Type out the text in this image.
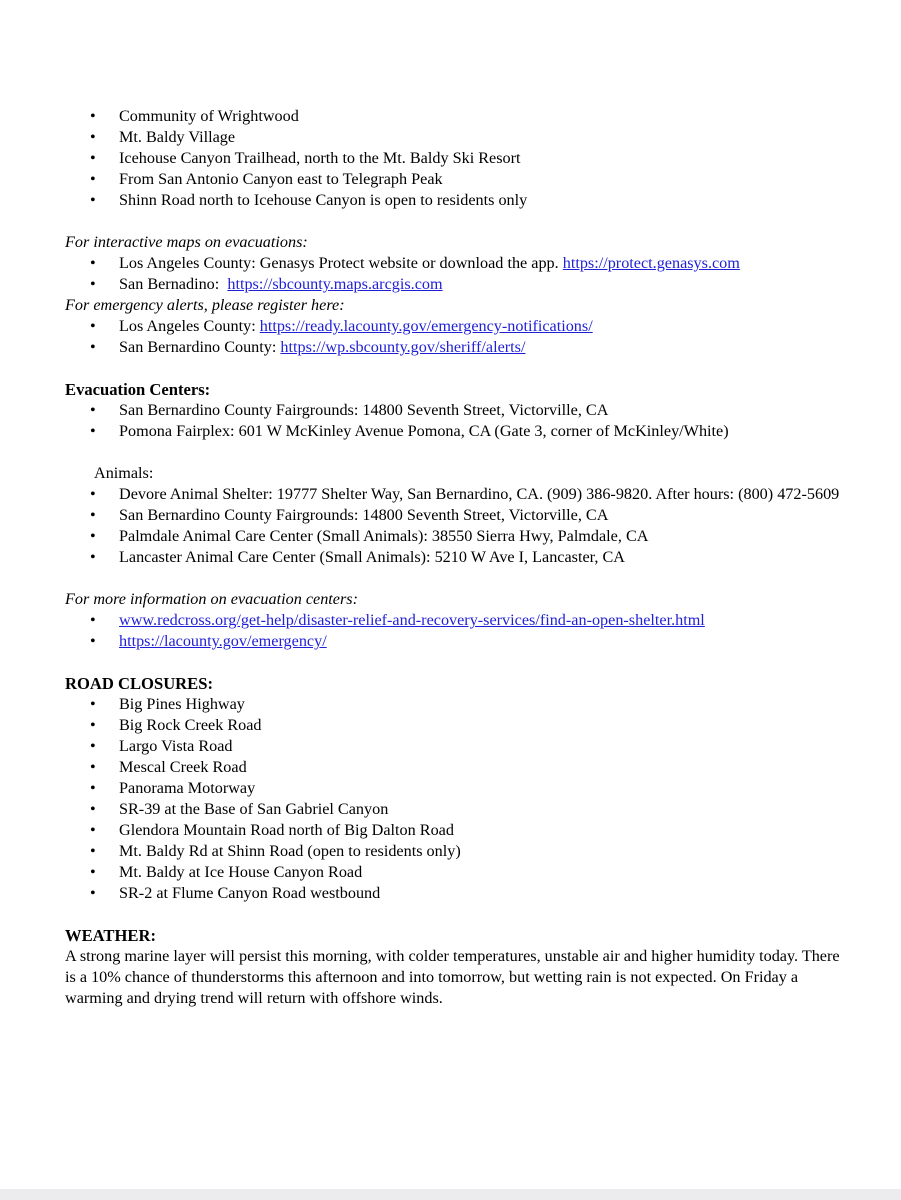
• Community of Wrightwood
• Mt. Baldy Village
• Icehouse Canyon Trailhead, north to the Mt. Baldy Ski Resort
• From San Antonio Canyon east to Telegraph Peak
• Shinn Road north to Icehouse Canyon is open to residents only
For interactive maps on evacuations:
• Los Angeles County: Genasys Protect website or download the app. https://protect.genasys.com
• San Bernadino: https://sbcounty.maps.arcgis.com
For emergency alerts, please register here:
• Los Angeles County: https://ready.lacounty.gov/emergency-notifications/
• San Bernardino County: https://wp.sbcounty.gov/sheriff/alerts/
Evacuation Centers:
• San Bernardino County Fairgrounds: 14800 Seventh Street, Victorville, CA
• Pomona Fairplex: 601 W McKinley Avenue Pomona, CA (Gate 3, corner of McKinley/White)
Animals:
• Devore Animal Shelter: 19777 Shelter Way, San Bernardino, CA. (909) 386-9820. After hours: (800) 472-5609
• San Bernardino County Fairgrounds: 14800 Seventh Street, Victorville, CA
• Palmdale Animal Care Center (Small Animals): 38550 Sierra Hwy, Palmdale, CA
• Lancaster Animal Care Center (Small Animals): 5210 W Ave I, Lancaster, CA
For more information on evacuation centers:
• www.redcross.org/get-help/disaster-relief-and-recovery-services/find-an-open-shelter.html
• https://lacounty.gov/emergency/
ROAD CLOSURES:
• Big Pines Highway
• Big Rock Creek Road
• Largo Vista Road
• Mescal Creek Road
• Panorama Motorway
• SR-39 at the Base of San Gabriel Canyon
• Glendora Mountain Road north of Big Dalton Road
• Mt. Baldy Rd at Shinn Road (open to residents only)
• Mt. Baldy at Ice House Canyon Road
• SR-2 at Flume Canyon Road westbound
WEATHER:

A strong marine layer will persist this morning, with colder temperatures, unstable air and higher humidity today. There is a 10% chance of thunderstorms this afternoon and into tomorrow, but wetting rain is not expected. On Friday a warming and drying trend will return with offshore winds.
